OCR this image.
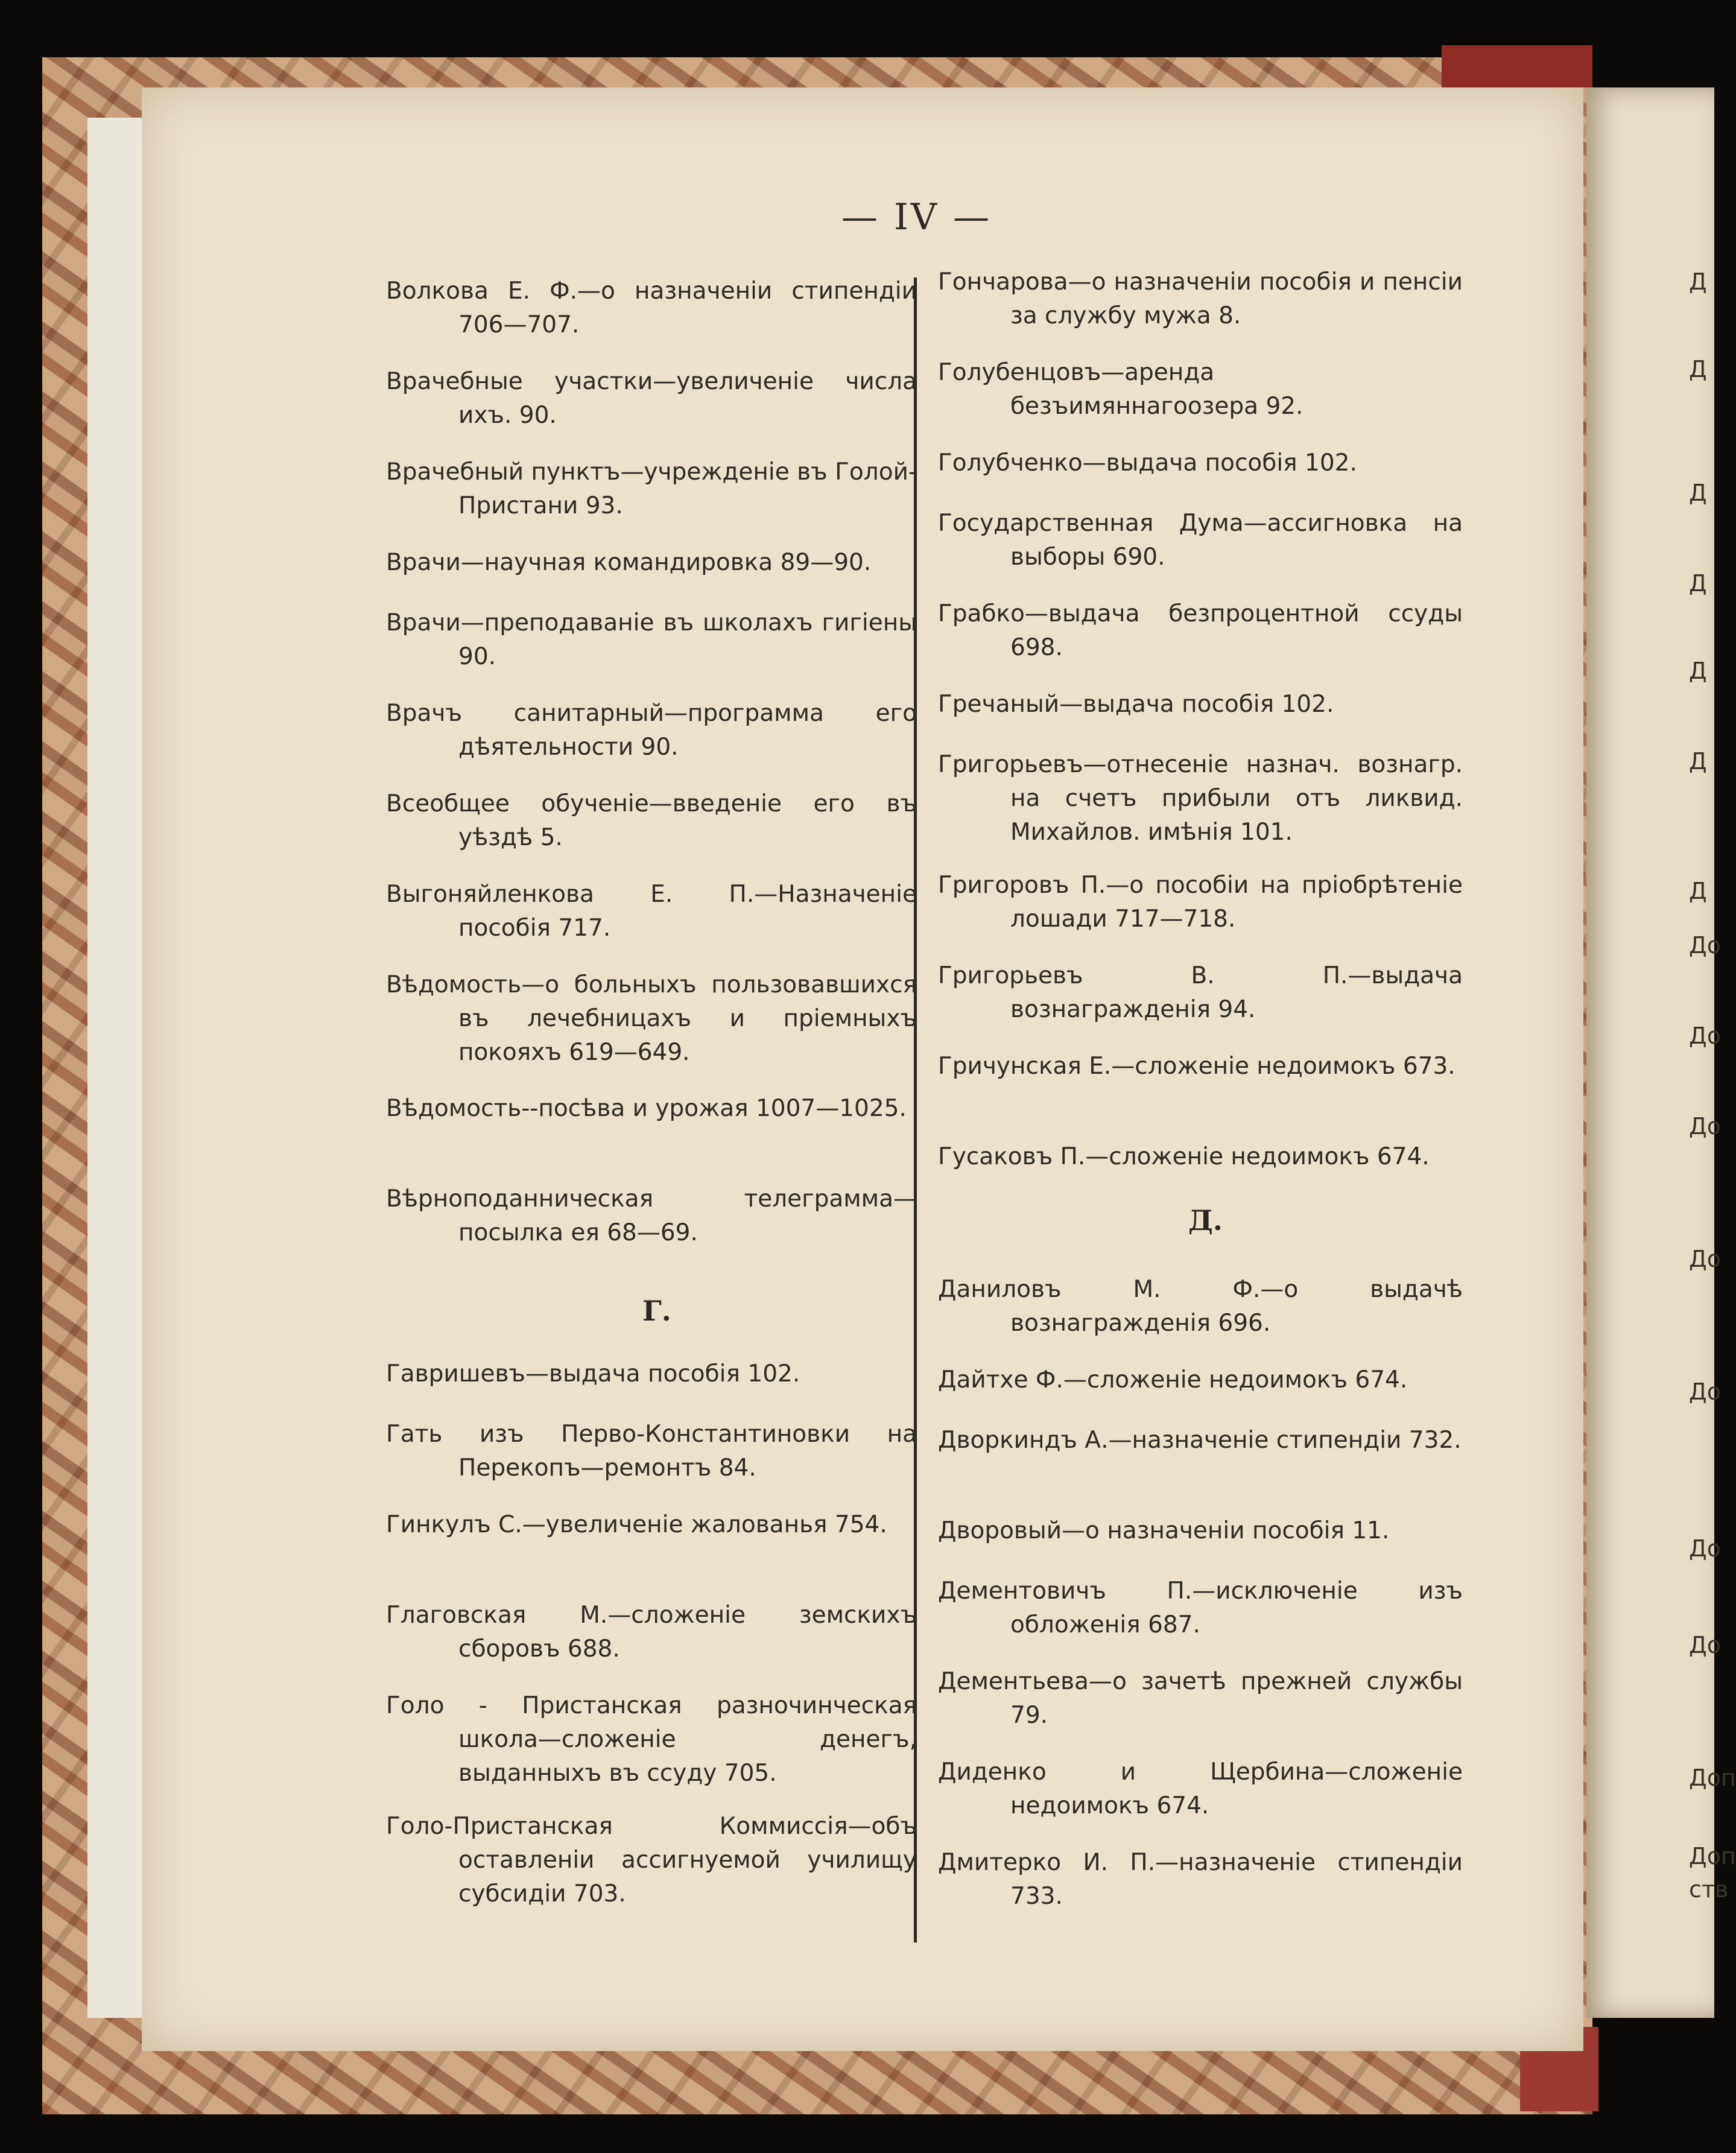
Д
Д
Д
Д
Д
Д
Д
До
До
До
До
До
До
До
Доп
Доп
ств
— IV —
Волкова Е. Ф.—о назначеніи стипендіи 706—707.
Врачебные участки—увеличеніе числа ихъ. 90.
Врачебный пунктъ—учрежденіе въ Голой-Пристани 93.
Врачи—научная командировка 89—90.
Врачи—преподаваніе въ школахъ гигіены 90.
Врачъ санитарный—программа его дѣятельности 90.
Всеобщее обученіе—введеніе его въ уѣздѣ 5.
Выгоняйленкова Е. П.—Назначеніе пособія 717.
Вѣдомость—о больныхъ пользовавшихся въ лечебницахъ и пріемныхъ покояхъ 619—649.
Вѣдомость--посѣва и урожая 1007—1025.
Вѣрноподанническая телеграмма—посылка ея 68—69.
Г.
Гавришевъ—выдача пособія 102.
Гать изъ Перво-Константиновки на Перекопъ—ремонтъ 84.
Гинкулъ С.—увеличеніе жалованья 754.
Глаговская М.—сложеніе земскихъ сборовъ 688.
Голо - Пристанская разночинческая школа—сложеніе денегъ, выданныхъ въ ссуду 705.
Голо-Пристанская Коммиссія—объ оставленіи ассигнуемой училищу субсидіи 703.
Гончарова—о назначеніи пособія и пенсіи за службу мужа 8.
Голубенцовъ—аренда безъимяннагоозера 92.
Голубченко—выдача пособія 102.
Государственная Дума—ассигновка на выборы 690.
Грабко—выдача безпроцентной ссуды 698.
Гречаный—выдача пособія 102.
Григорьевъ—отнесеніе назнач. вознагр. на счетъ прибыли отъ ликвид. Михайлов. имѣнія 101.
Григоровъ П.—о пособіи на пріобрѣтеніе лошади 717—718.
Григорьевъ В. П.—выдача вознагражденія 94.
Гричунская Е.—сложеніе недоимокъ 673.
Гусаковъ П.—сложеніе недоимокъ 674.
Д.
Даниловъ М. Ф.—о выдачѣ вознагражденія 696.
Дайтхе Ф.—сложеніе недоимокъ 674.
Дворкиндъ А.—назначеніе стипендіи 732.
Дворовый—о назначеніи пособія 11.
Дементовичъ П.—исключеніе изъ обложенія 687.
Дементьева—о зачетѣ прежней службы 79.
Диденко и Щербина—сложеніе недоимокъ 674.
Дмитерко И. П.—назначеніе стипендіи 733.
